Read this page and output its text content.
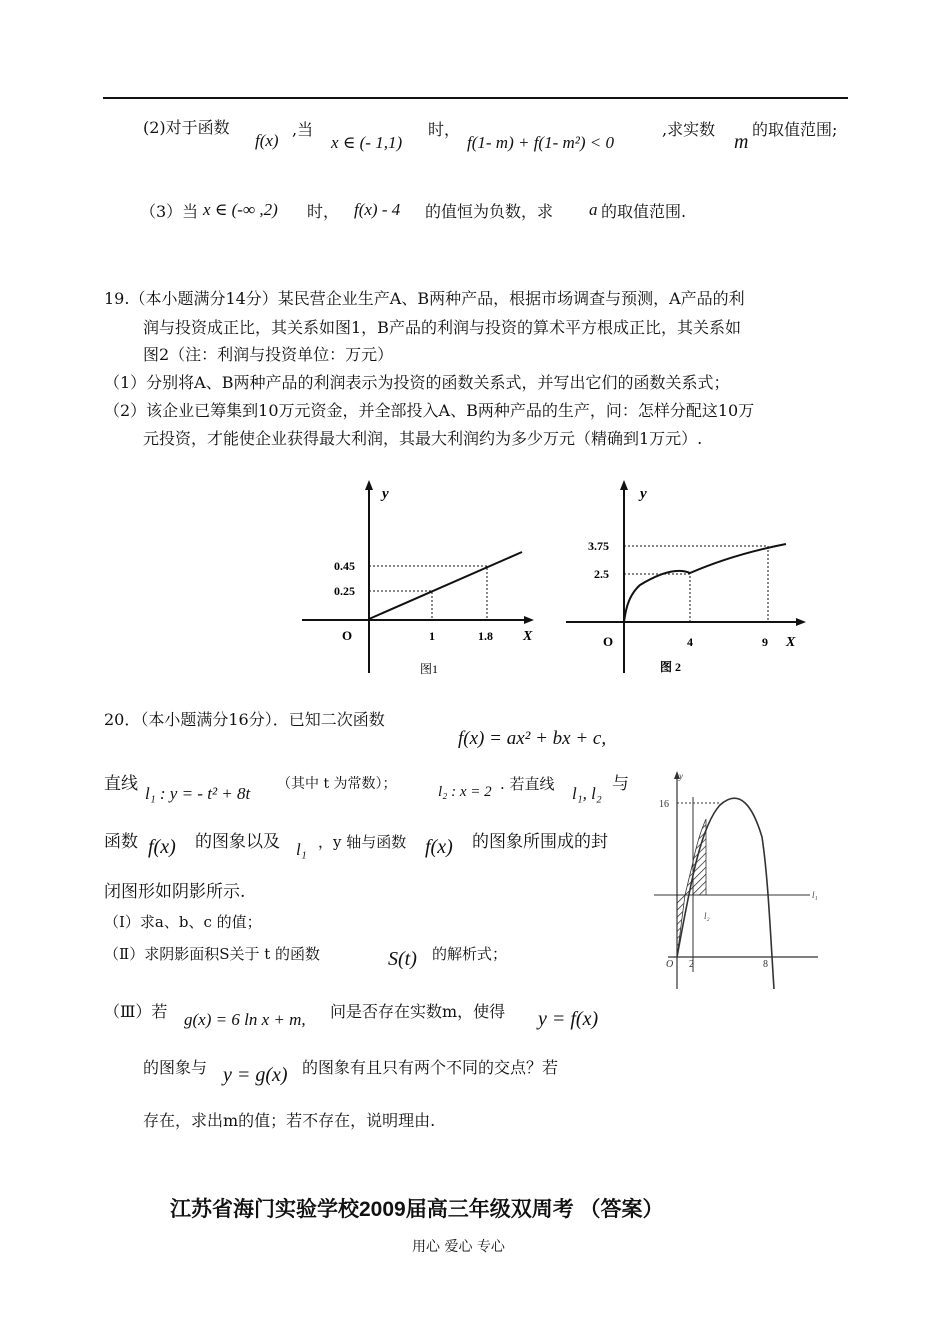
(2)对于函数
f(x)
,当
x ∈ (- 1,1)
时，
f(1- m) + f(1- m²) < 0
,求实数
m
的取值范围;
（3）当 x ∈ (-∞ ,2) 时， f(x) - 4 的值恒为负数，求 a 的取值范围.
19.（本小题满分14分）某民营企业生产A、B两种产品，根据市场调查与预测，A产品的利
润与投资成正比，其关系如图1，B产品的利润与投资的算术平方根成正比，其关系如
图2（注：利润与投资单位：万元）
（1）分别将A、B两种产品的利润表示为投资的函数关系式，并写出它们的函数关系式；
（2）该企业已筹集到10万元资金，并全部投入A、B两种产品的生产，问：怎样分配这10万
元投资，才能使企业获得最大利润，其最大利润约为多少万元（精确到1万元）.
y
X
O
0.45
0.25
1	1.8
图1
y
X
O
3.75
2.5
4	9
图 2
20．（本小题满分16分）．已知二次函数
f(x) = ax² + bx + c,
直线 l₁ : y = - t² + 8t （其中 t 为常数）；	l₂ : x = 2 . 若直线 l₁, l₂ 与
函数 f(x) 的图象以及 l₁ ，y 轴与函数 f(x) 的图象所围成的封
闭图形如阴影所示.
（Ⅰ）求a、b、c 的值；
（Ⅱ）求阴影面积S关于 t 的函数	S(t) 的解析式；
（Ⅲ）若 g(x) = 6 ln x + m, 问是否存在实数m，使得 y = f(x)
的图象与 y = g(x) 的图象有且只有两个不同的交点？若
存在，求出m的值；若不存在，说明理由.
y
16
O 2	8
l₁
l₂
江苏省海门实验学校2009届高三年级双周考 （答案）
用心 爱心 专心
